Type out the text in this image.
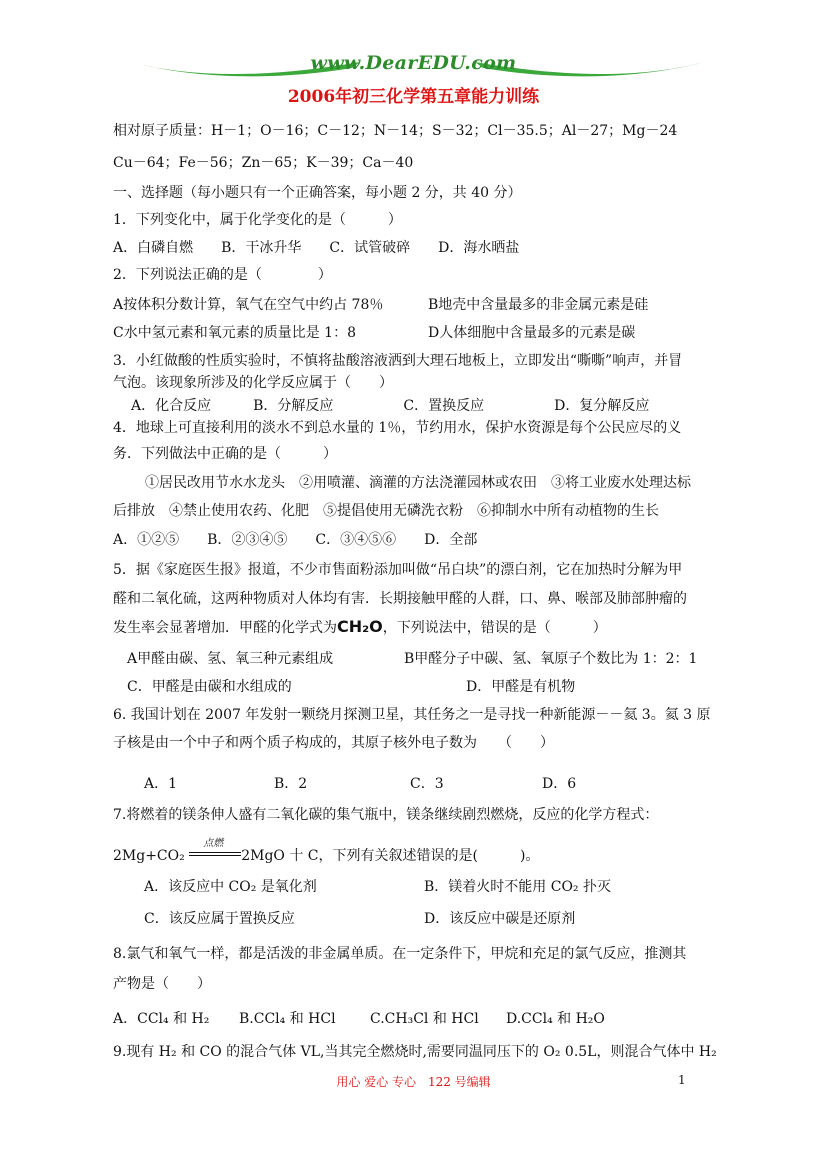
www.DearEDU.com
2006年初三化学第五章能力训练
相对原子质量：H－1；O－16；C－12；N－14；S－32；Cl－35.5；Al－27；Mg－24
Cu－64；Fe－56；Zn－65；K－39；Ca－40
一、选择题（每小题只有一个正确答案，每小题 2 分，共 40 分）
1．下列变化中，属于化学变化的是（　　　）
A．白磷自燃　　B．干冰升华　　C．试管破碎　　D．海水晒盐
2．下列说法正确的是（　　　　）
A按体积分数计算，氧气在空气中约占 78％	B地壳中含量最多的非金属元素是硅
C水中氢元素和氧元素的质量比是 1：8	D人体细胞中含量最多的元素是碳
3．小红做酸的性质实验时，不慎将盐酸溶液洒到大理石地板上，立即发出“嘶嘶”响声，并冒
气泡。该现象所涉及的化学反应属于（　　）
A．化合反应　　　B．分解反应　　　　　C．置换反应　　　　　D．复分解反应
4．地球上可直接利用的淡水不到总水量的 1％，节约用水，保护水资源是每个公民应尽的义
务．下列做法中正确的是（　　　）
①居民改用节水水龙头　②用喷灌、滴灌的方法浇灌园林或农田　③将工业废水处理达标
后排放　④禁止使用农药、化肥　⑤提倡使用无磷洗衣粉　⑥抑制水中所有动植物的生长
A．①②⑤　　B．②③④⑤　　C．③④⑤⑥　　D．全部
5．据《家庭医生报》报道，不少市售面粉添加叫做“吊白块”的漂白剂，它在加热时分解为甲
醛和二氧化硫，这两种物质对人体均有害．长期接触甲醛的人群，口、鼻、喉部及肺部肿瘤的
发生率会显著增加．甲醛的化学式为CH₂O，下列说法中，错误的是（　　　）
A甲醛由碳、氢、氧三种元素组成	B甲醛分子中碳、氢、氧原子个数比为 1：2：1
C．甲醛是由碳和水组成的	D．甲醛是有机物
6. 我国计划在 2007 年发射一颗绕月探测卫星，其任务之一是寻找一种新能源－－氦 3。氦 3 原
子核是由一个中子和两个质子构成的，其原子核外电子数为　　（　　）
A．1	B．2	C．3	D．6
7.将燃着的镁条伸人盛有二氧化碳的集气瓶中，镁条继续剧烈燃烧，反应的化学方程式：
2Mg+CO₂
点燃
2MgO 十 C，下列有关叙述错误的是(　　　)。
A．该反应中 CO₂ 是氧化剂	B．镁着火时不能用 CO₂ 扑灭
C．该反应属于置换反应	D．该反应中碳是还原剂
8.氯气和氧气一样，都是活泼的非金属单质。在一定条件下，甲烷和充足的氯气反应，推测其
产物是（　　）
A．CCl₄ 和 H₂ B.CCl₄ 和 HCl C.CH₃Cl 和 HCl D.CCl₄ 和 H₂O
9.现有 H₂ 和 CO 的混合气体 VL,当其完全燃烧时,需要同温同压下的 O₂ 0.5L，则混合气体中 H₂
用心 爱心 专心　122 号编辑	1
